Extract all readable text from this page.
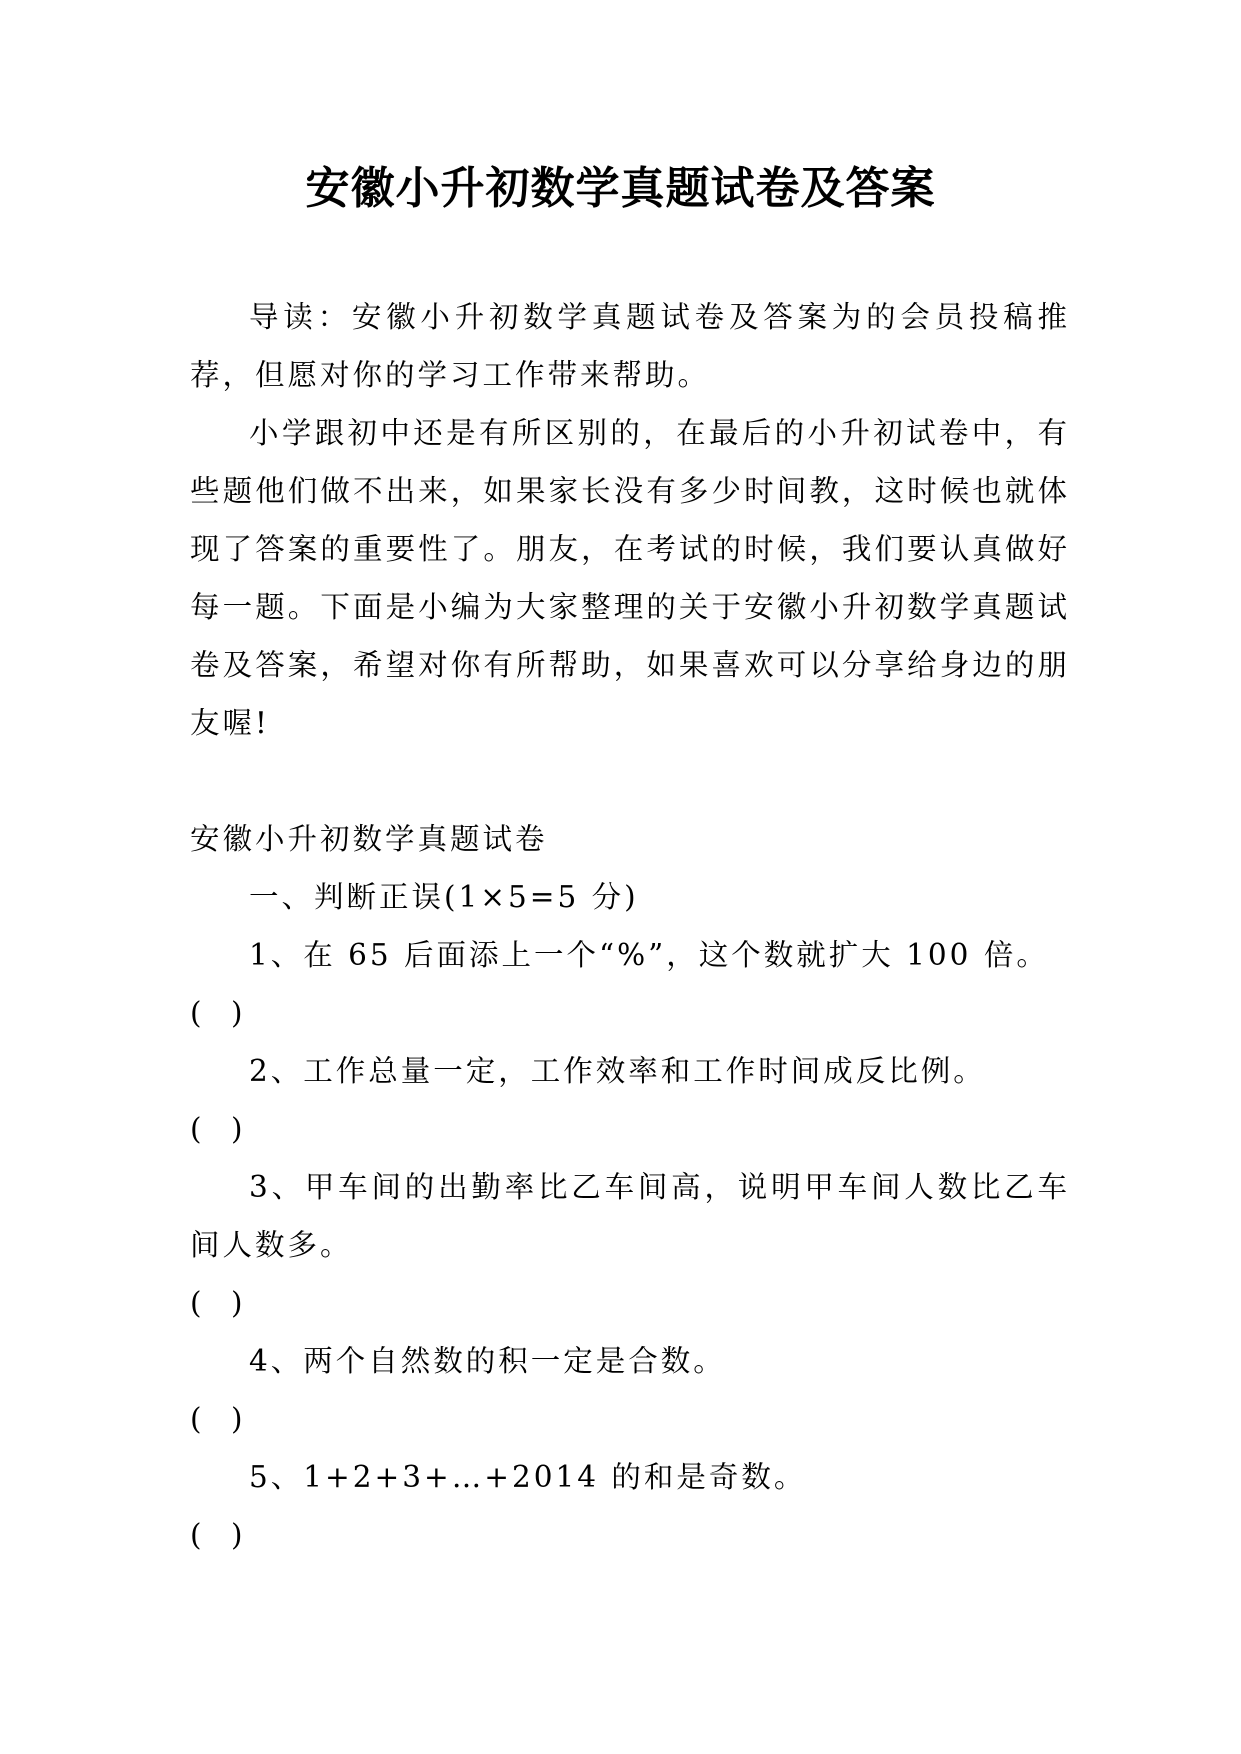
安徽小升初数学真题试卷及答案

导读：安徽小升初数学真题试卷及答案为的会员投稿推荐，但愿对你的学习工作带来帮助。

小学跟初中还是有所区别的，在最后的小升初试卷中，有些题他们做不出来，如果家长没有多少时间教，这时候也就体现了答案的重要性了。朋友，在考试的时候，我们要认真做好每一题。下面是小编为大家整理的关于安徽小升初数学真题试卷及答案，希望对你有所帮助，如果喜欢可以分享给身边的朋友喔!

安徽小升初数学真题试卷

一、判断正误(1×5=5 分)

1、在 65 后面添上一个“%”，这个数就扩大 100 倍。

(　)

2、工作总量一定，工作效率和工作时间成反比例。

(　)

3、甲车间的出勤率比乙车间高，说明甲车间人数比乙车间人数多。

(　)

4、两个自然数的积一定是合数。

(　)

5、1+2+3+…+2014 的和是奇数。

(　)
